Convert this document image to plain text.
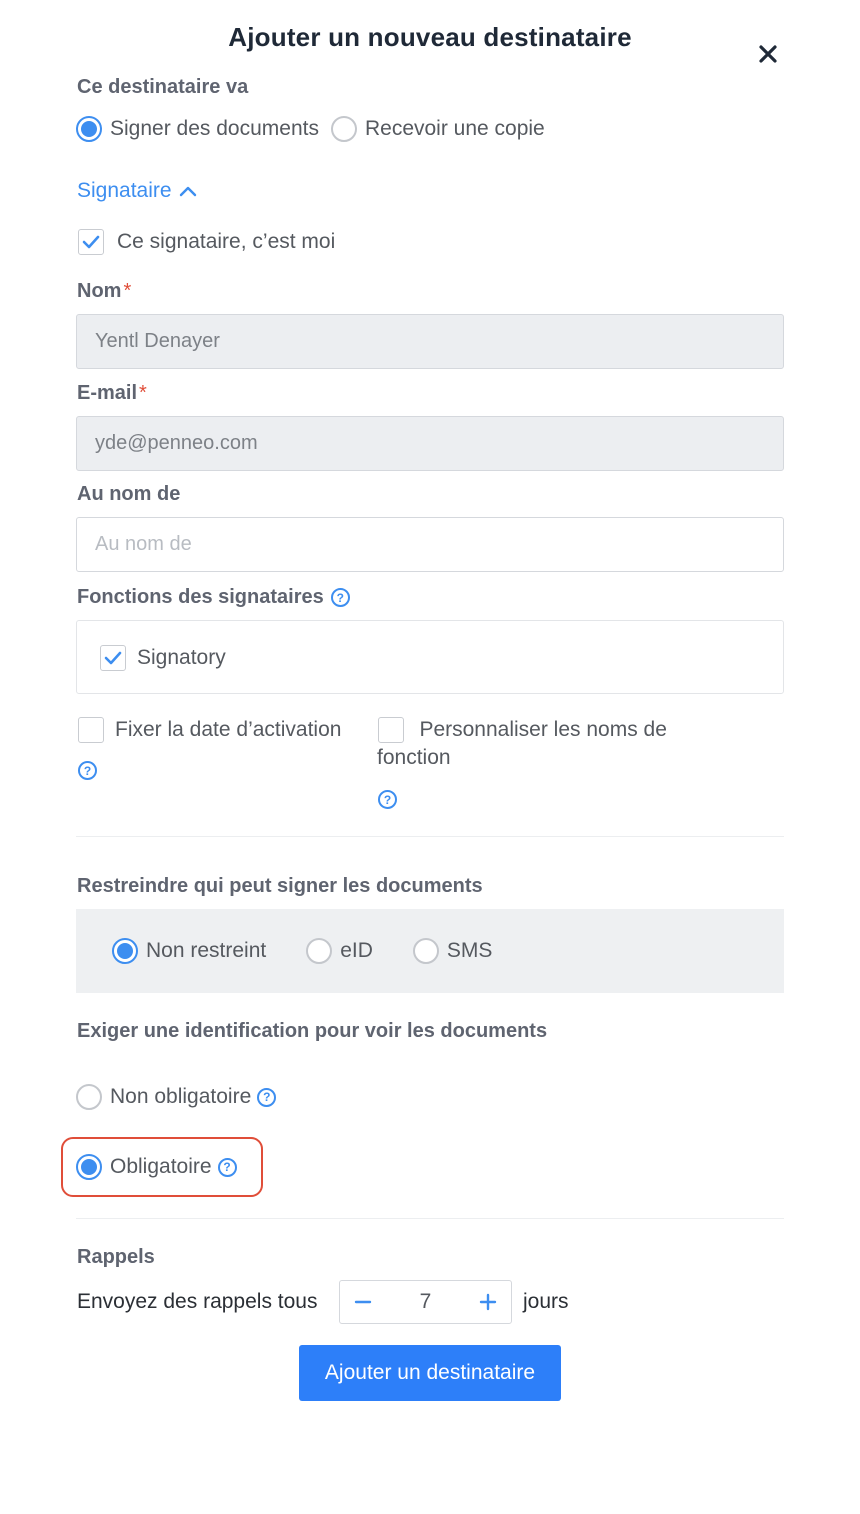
Ajouter un nouveau destinataire
Ce destinataire va
Signer des documents Recevoir une copie
Signataire
Ce signataire, c’est moi
Nom *
Yentl Denayer
E-mail *
yde@penneo.com
Au nom de
Au nom de
Fonctions des signataires	?
Signatory
Fixer la date d’activation
?
Personnaliser les noms de
fonction
?
Restreindre qui peut signer les documents
Non restreint	eID	SMS
Exiger une identification pour voir les documents
Non obligatoire ?
Obligatoire ?
Rappels
Envoyez des rappels tous	7	jours
Ajouter un destinataire
